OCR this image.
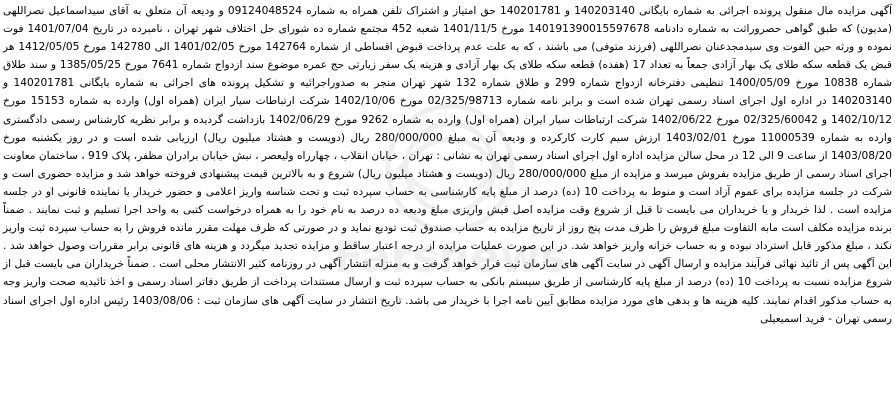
آگهی مزایده مال منقول پرونده اجرائی به شماره بایگانی 140203140 و 140201781 حق امتیاز و اشتراک تلفن همراه به شماره 09124048524 و ودیعه آن متعلق به آقای سیداسماعیل نصراللهی (مدیون) که طبق گواهی حصروراثت به شماره دادنامه 140191390015597678 مورخ 1401/11/5 شعبه 452 مجتمع شماره ده شورای حل اختلاف شهر تهران ، نامبرده در تاریخ 1401/07/04 فوت نموده و ورثه حین الفوت وی سیدمجدعنان نصراللهی (فرزند متوفی) می باشند ، که به علت عدم پرداخت قبوض اقساطی از شماره 142764 مورخ 1401/02/05 الی 142780 مورخ 1412/05/05 هر قبض یک قطعه سکه طلای یک بهار آزادی جمعاً به تعداد 17 (هفده) قطعه سکه طلای یک بهار آزادی و هزینه یک سفر زیارتی حج عمره موضوع سند ازدواج شماره 7641 مورخ 1385/05/25 و سند طلاق شماره 10838 مورخ 1400/05/09 تنظیمی دفترخانه ازدواج شماره 299 و طلاق شماره 132 شهر تهران منجر به صدوراجرائیه و تشکیل پرونده های اجرائی به شماره بایگانی 140201781 و 140203140 در اداره اول اجرای اسناد رسمی تهران شده است و برابر نامه شماره 02/325/98713 مورخ 1402/10/06 شرکت ارتباطات سیار ایران (همراه اول) وارده به شماره 15153 مورخ 1402/10/12 و 02/325/60042 مورخ 1402/06/22 شرکت ارتباطات سیار ایران (همراه اول) وارده به شماره 9262 مورخ 1402/06/29 بازداشت گردیده و برابر نظریه کارشناس رسمی دادگستری وارده به شماره 11000539 مورخ 1403/02/01 ارزش سیم کارت کارکرده و ودیعه آن به مبلغ 280/000/000 ریال (دویست و هشتاد میلیون ریال) ارزیابی شده است و در روز یکشنبه مورخ 1403/08/20 از ساعت 9 الی 12 در محل سالن مزایده اداره اول اجرای اسناد رسمی تهران به نشانی : تهران ، خیابان انقلاب ، چهارراه ولیعصر ، نبش خیابان برادران مظفر، پلاک 919 ، ساختمان معاونت اجرای اسناد رسمی از طریق مزایده بفروش میرسد و مزایده از مبلغ 280/000/000 ریال (دویست و هشتاد میلیون ریال) شروع و به بالاترین قیمت پیشنهادی فروخته خواهد شد و مزایده حضوری است و شرکت در جلسه مزایده برای عموم آزاد است و منوط به پرداخت 10 (ده) درصد از مبلغ پایه کارشناسی به حساب سپرده ثبت و تحت شناسه واریز اعلامی و حضور خریدار یا نماینده قانونی او در جلسه مزایده است . لذا خریدار و یا خریداران می بایست تا قبل از شروع وقت مزایده اصل فیش واریزی مبلغ ودیعه ده درصد به نام خود را به همراه درخواست کتبی به واحد اجرا تسلیم و ثبت نمایند . ضمناً برنده مزایده مکلف است مابه التفاوت مبلغ فروش را ظرف مدت پنج روز از تاریخ مزایده به حساب صندوق ثبت تودیع نماید و در صورتی که ظرف مهلت مقرر مانده فروش را به حساب سپرده ثبت واریز نکند ، مبلغ مذکور قابل استرداد نبوده و به حساب خزانه واریز خواهد شد. در این صورت عملیات مزایده از درجه اعتبار ساقط و مزایده تجدید میگردد و هزینه های قانونی برابر مقررات وصول خواهد شد . این آگهی پس از تائید نهائی فرآیند مزایده و ارسال آگهی در سایت آگهی های سازمان ثبت قرار خواهد گرفت و به منزله انتشار آگهی در روزنامه کثیر الانتشار محلی است . ضمناً خریداران می بایست قبل از شروع مزایده نسبت به پرداخت 10 (ده) درصد از مبلغ پایه کارشناسی از طریق سیستم بانکی به حساب سپرده ثبت و ارسال مستندات پرداخت از طریق دفاتر اسناد رسمی و اخذ تائیدیه صحت واریز وجه به حساب مذکور اقدام نمایند. کلیه هزینه ها و بدهی های مورد مزایده مطابق آیین نامه اجرا با خریدار می باشد. تاریخ انتشار در سایت آگهی های سازمان ثبت : 1403/08/06 رئیس اداره اول اجرای اسناد رسمی تهران - فرید اسمیعیلی

Farsnews
